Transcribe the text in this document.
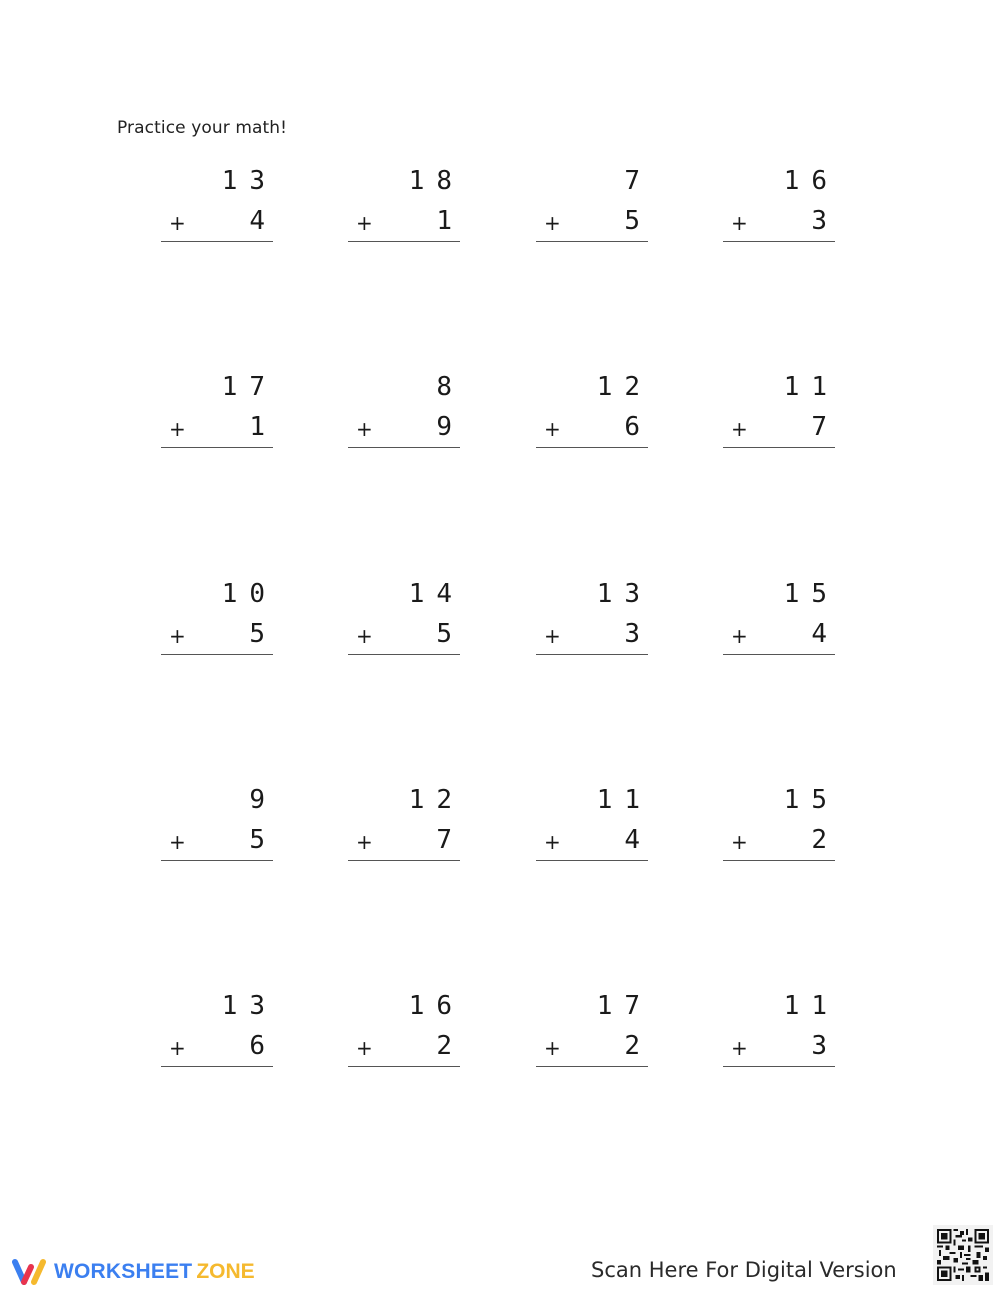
Practice your math!
13
+ 4
18
+ 1
7
+ 5
16
+ 3
17
+ 1
8
+ 9
12
+ 6
11
+ 7
10
+ 5
14
+ 5
13
+ 3
15
+ 4
9
+ 5
12
+ 7
11
+ 4
15
+ 2
13
+ 6
16
+ 2
17
+ 2
11
+ 3
WORKSHEET ZONE	Scan Here For Digital Version
